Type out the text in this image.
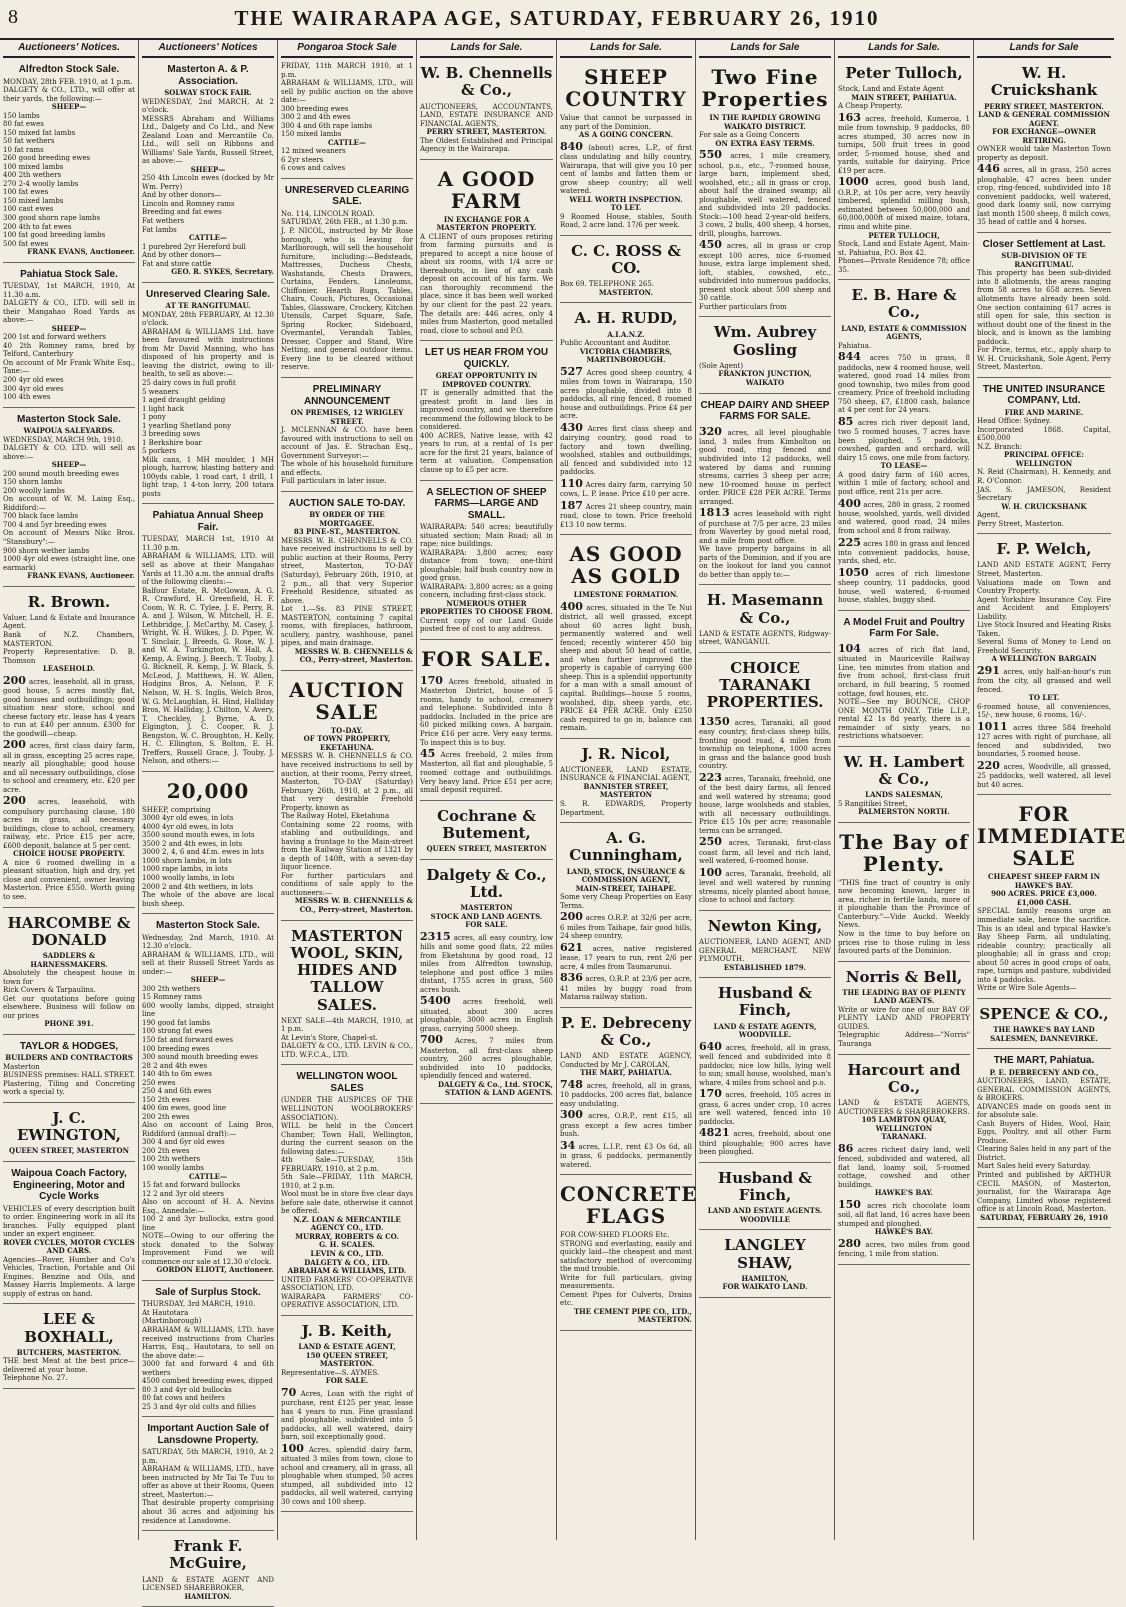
8	THE WAIRARAPA AGE, SATURDAY, FEBRUARY 26, 1910
Auctioneers' Notices.
Alfredton Stock Sale.
MONDAY, 28th FEB. 1910, at 1 p.m.
DALGETY & CO., LTD., will offer at their yards, the following:—
SHEEP—
150 lambs
80 fat ewes
150 mixed fat lambs
50 fat wethers
10 fat rams
260 good breeding ewes
100 mixed lambs
400 2th wethers
270 2-4 woolly lambs
100 fat ewes
150 mixed lambs
100 cast ewes
300 good shorn rape lambs
200 4th to fat ewes
100 fat good breeding lambs
500 fat ewes
FRANK EVANS, Auctioneer.
Pahiatua Stock Sale.
TUESDAY, 1st MARCH, 1910, At 11.30 a.m.
DALGETY & CO., LTD. will sell in their Mangahao Road Yards as above:—
SHEEP—
200 1st and forward wethers
40 2th Romney rams, bred by Telford, Canterbury
On account of Mr Frank White Esq., Tane:—
200 4yr old ewes
300 4yr old ewes
100 4th ewes
Masterton Stock Sale.
WAIPOUA SALEYARDS.
WEDNESDAY, MARCH 9th, 1910.
DALGETY & CO. LTD. will sell as above:—
SHEEP—
200 sound mouth breeding ewes
150 shorn lambs
200 woolly lambs
On account of W. M. Laing Esq., Riddiford:—
700 black face lambs
700 4 and 5yr breeding ewes
On account of Messrs Nikc Bros. "Stansbury":—
900 shorn wether lambs
1000 4yr old ewes (straight line, one earmark)
FRANK EVANS, Auctioneer.
R. Brown.
Valuer, Land & Estate and Insurance Agent.
Bank of N.Z. Chambers, MASTERTON.
Property Representative: D. B. Thomson
LEASEHOLD.
200 acres, leasehold, all in grass, good house, 5 acres mostly flat, good houses and outbuildings; good situation near store, school and cheese factory etc. lease has 4 years to run at £40 per annum. £300 for the goodwill—cheap.
200 acres, first class dairy farm, all in grass, excepting 25 acres rape, nearly all ploughable; good house and all necessary outbuildings, close to school and creamery, etc. £20 per acre.
200 acres, leasehold, with compulsory purchasing clause, 180 acres in grass, all necessary buildings, close to school, creamery, railway, etc. Price £15 per acre, £600 deposit, balance at 5 per cent.
CHOICE HOUSE PROPERTY.
A nice 6 roomed dwelling in a pleasant situation, high and dry, yet close and convenient, owner leaving Masterton. Price £550. Worth going to see.
HARCOMBE & DONALD
SADDLERS & HARNESSMAKERS.
Absolutely the cheapest house in town for
Rick Covers & Tarpaulins.
Get our quotations before going elsewhere. Business will follow on our prices
PHONE 391.
TAYLOR & HODGES,
BUILDERS AND CONTRACTORS
Masterton
BUSINESS premises: HALL STREET. Plastering, Tiling and Concreting work a special ty.
J. C. EWINGTON,
QUEEN STREET, MASTERTON
Waipoua Coach Factory, Engineering, Motor and Cycle Works
VEHICLES of every description built to order. Engineering work in all its branches. Fully equipped plant under an expert engineer.
ROVER CYCLES, MOTOR CYCLES AND CARS.
Agencies—Rover, Humber and Co's Vehicles, Traction, Portable and Oil Engines. Benzine and Oils, and Massey Harris Implements. A large supply of extras on hand.
LEE & BOXHALL,
BUTCHERS, MASTERTON.
THE best Meat at the best price—delivered at your home.
Telephone No. 27.
Auctioneers' Notices
Masterton A. & P. Association.
SOLWAY STOCK FAIR.
WEDNESDAY, 2nd MARCH, At 2 o'clock.
MESSRS Abraham and Williams Ltd., Dalgety and Co Ltd., and New Zealand Loan and Mercantile Co. Ltd., will sell on Ribbons and Williams' Sale Yards, Russell Street, as above:—
SHEEP—
250 4th Lincoln ewes (docked by Mr Wm. Perry)
And by other donors—
Lincoln and Romney rams
Breeding and fat ewes
Fat wethers
Fat lambs
CATTLE—
1 purebred 2yr Hereford bull
And by other donors—
Fat and store cattle
GEO. R. SYKES, Secretary.
Unreserved Clearing Sale.
AT TE RANGITUMAU.
MONDAY, 28th FEBRUARY, At 12.30 o'clock.
ABRAHAM & WILLIAMS Ltd. have been favoured with instructions from Mr David Manning, who has disposed of his property and is leaving the district, owing to ill-health, to sell as above:—
25 dairy cows in full profit
5 weaners
1 aged draught gelding
1 light hack
1 pony
1 yearling Shetland pony
3 breeding sows
1 Berkshire boar
5 porkers
Milk cans, 1 MH moulder, 1 MH plough, harrow, blasting battery and 100yds cable, 1 road cart, 1 drill, 1 light trap, 1 4-ton lorry, 200 totara posts
Pahiatua Annual Sheep Fair.
TUESDAY, MARCH 1st, 1910 At 11.30 p.m.
ABRAHAM & WILLIAMS, LTD. will sell as above at their Mangahao Yards at 11.30 a.m. the annual drafts of the following clients:—
Balfour Estate, R. McGowan, A. G. R. Crawford, H. Greenfield, H. F. Coom, W. R. C. Tylee, J. E. Perry, R. A. and J. Wilson, W. Mitchell, H. E. Lethbridge, J. McCarthy, M. Casey, J. Wright, W. H. Wilkes, J. D. Piper, W. T. Sinclair, J. Breeds, G. Rose, W. J. and W. A. Turkington, W. Hall, A. Kemp, A. Ewing, J. Beech, T. Tooby, J. G. Bicknell, R. Kemp, J. W. Black, S. McLeod, J. Matthews, H. W. Allen, Hodgins Bros, A. Nelson, P. F. Nelson, W. H. S. Inglis, Welch Bros, W. G. McLaughlan, H. Hind, Halliday Bros, W. Halliday, J. Chilton, V. Avery, T. Checkley, J. Byrne, A. D. Elgington, J. C. Cooper, R. J. Bengston, W. C. Broughton, H. Kelly, H. C. Ellington, S. Bolton, E. H. Treffers, Russell Grace, J. Touby, J. Nelson, and others:—
20,000
SHEEP, comprising
3000 4yr old ewes, in lots
4000 4yr old ewes, in lots
3500 sound mouth ewes, in lots
3500 2 and 4th ewes, in lots
3000 2, 4, 6 and 4f.m. ewes in lots
1000 shorn lambs, in lots
1000 rape lambs, in lots
1000 woolly lambs, in lots
2000 2 and 4th wethers, in lots
The whole of the above are local bush sheep.
Masterton Stock Sale.
Wednesday, 2nd March, 1910. At 12.30 o'clock.
ABRAHAM & WILLIAMS, LTD., will sell at their Russell Street Yards as under:—
SHEEP—
300 2th wethers
15 Romney rams
600 woolly lambs, dipped, straight line
190 good fat lambs
100 strong fat ewes
150 fat and forward ewes
100 breeding ewes
300 sound mouth breeding ewes
28 2 and 4th ewes
140 4th to 6m ewes
250 ewes
250 4 and 6th ewes
150 2th ewes
400 6m ewes, good line
200 2th ewes
Also on account of Laing Bros, Riddiford (annual draft):—
300 4 and 6yr old ewes
200 2th ewes
100 2th wethers
100 woolly lambs
CATTLE—
15 fat and forward bullocks
12 2 and 3yr old steers
Also on account of H. A. Nevins Esq., Annedale:—
100 2 and 3yr bullocks, extra good line
NOTE—Owing to our offering the stock donated to the Solway Improvement Fund we will commence our sale at 12.30 o'clock.
GORDON ELIOTT, Auctioneer.
Sale of Surplus Stock.
THURSDAY, 3rd MARCH, 1910.
At Hautotara
(Martinborough)
ABRAHAM & WILLIAMS, LTD. have received instructions from Charles Harris, Esq., Hautotara, to sell on the above date:—
3000 fat and forward 4 and 6th wethers
4500 combed breeding ewes, dipped
80 3 and 4yr old bullocks
80 fat cows and heifers
25 3 and 4yr old colts and fillies
Important Auction Sale of Lansdowne Property.
SATURDAY, 5th MARCH, 1910, At 2 p.m.
ABRAHAM & WILLIAMS, LTD., have been instructed by Mr Tai Te Tuu to offer as above at their Rooms, Queen street, Masterton:—
That desirable property comprising about 36 acres and adjoining his residence at Lansdowne.
Frank F. McGuire,
LAND & ESTATE AGENT AND LICENSED SHAREBROKER,
HAMILTON.
Pongaroa Stock Sale
FRIDAY, 11th MARCH 1910, at 1 p.m.
ABRAHAM & WILLIAMS, LTD., will sell by public auction on the above date:—
300 breeding ewes
300 2 and 4th ewes
300 4 and 6th rape lambs
150 mixed lambs
CATTLE—
12 mixed weaners
6 2yr steers
6 cows and calves
UNRESERVED CLEARING SALE.
No. 114, LINCOLN ROAD.
SATURDAY, 26th FEB., at 1.30 p.m.
J. P. NICOL, instructed by Mr Rose borough, who is leaving for Marlborough, will sell the household furniture, including:—Bedsteads, Mattresses, Duchess Chests, Washstands, Chests Drawers, Curtains, Fenders, Linoleums, Chiffonier, Hearth Rugs, Tables, Chairs, Couch, Pictures, Occasional Tables, Glassware, Crockery, Kitchen Utensils, Carpet Square, Safe, Spring Rocker, Sideboard, Overmantel, Verandah Tables, Dresser, Copper and Stand, Wire Netting, and general outdoor items. Every line to be cleared without reserve.
PRELIMINARY ANNOUNCEMENT
ON PREMISES, 12 WRIGLEY STREET.
J. MCLENNAN & CO. have been favoured with instructions to sell on account of Jas. E. Strachan Esq., Government Surveyor:—
The whole of his household furniture and effects.
Full particulars in later issue.
AUCTION SALE TO-DAY.
BY ORDER OF THE MORTGAGEE.
83 PINE-ST., MASTERTON.
MESSRS W. B. CHENNELLS & CO. have received instructions to sell by public auction at their Rooms, Perry street, Masterton, TO-DAY (Saturday), February 26th, 1910, at 2 p.m., all that very Superior Freehold Residence, situated as above.
Lot 1.—Ss. 83 PINE STREET, MASTERTON, containing 7 capital rooms, with fireplaces, bathroom, scullery, pantry, washhouse, panel pipes, and main drainage.
MESSRS W. B. CHENNELLS & CO., Perry-street, Masterton.
AUCTION SALE
TO-DAY.
OF TOWN PROPERTY, EKETAHUNA.
MESSRS W. B. CHENNELLS & CO. have received instructions to sell by auction, at their rooms, Perry street, Masterton, TO-DAY (Saturday) February 26th, 1910, at 2 p.m., all that very desirable Freehold Property, known as
The Railway Hotel, Eketahuna
Containing some 22 rooms, with stabling and outbuildings, and having a frontage to the Main-street from the Railway Station of 1321 by a depth of 140ft, with a seven-day liquor licence.
For further particulars and conditions of sale apply to the auctioneers:—
MESSRS W. B. CHENNELLS & CO., Perry-street, Masterton.
MASTERTON WOOL, SKIN, HIDES AND TALLOW SALES.
NEXT SALE—4th MARCH, 1910, at 1 p.m.
At Levin's Store, Chapel-st.
DALGETY & CO., LTD. LEVIN & CO., LTD. W.F.C.A., LTD.
WELLINGTON WOOL SALES
(UNDER THE AUSPICES OF THE WELLINGTON WOOLBROKERS' ASSOCIATION).
WILL be held in the Concert Chamber, Town Hall, Wellington, during the current season on the following dates:—
4th Sale—TUESDAY, 15th FEBRUARY, 1910, at 2 p.m.
5th Sale—FRIDAY, 11th MARCH, 1910, at 2 p.m.
Wool must be in store five clear days before sale date, otherwise it cannot be offered.
N.Z. LOAN & MERCANTILE AGENCY CO., LTD.
MURRAY, ROBERTS & CO.
G. H. SCALES.
LEVIN & CO., LTD.
DALGETY & CO., LTD.
ABRAHAM & WILLIAMS, LTD.
UNITED FARMERS' CO-OPERATIVE ASSOCIATION, LTD.
WAIRARAPA FARMERS' CO-OPERATIVE ASSOCIATION, LTD.
J. B. Keith,
LAND & ESTATE AGENT,
150 QUEEN STREET, MASTERTON.
Representative—S. AYMES.
FOR SALE.
70 Acres, Loan with the right of purchase, rent £125 per year, lease has 4 years to run. Fine grassland and ploughable, subdivided into 5 paddocks, all well watered, dairy barn, soil exceptionally good.
100 Acres, splendid dairy farm, situated 3 miles from town, close to school and creamery, all in grass, all ploughable when stumped, 50 acres stumped, all subdivided into 12 paddocks, all well watered, carrying 30 cows and 100 sheep.
Lands for Sale.
W. B. Chennells & Co.,
AUCTIONEERS, ACCOUNTANTS, LAND, ESTATE INSURANCE AND FINANCIAL AGENTS,
PERRY STREET, MASTERTON.
The Oldest Established and Principal Agency in the Wairarapa.
A GOOD FARM
IN EXCHANGE FOR A MASTERTON PROPERTY.
A CLIENT of ours proposes retiring from farming pursuits and is prepared to accept a nice house of about six rooms, with 1/4 acre or thereabouts, in lieu of any cash deposit on account of his farm. We can thoroughly recommend the place, since it has been well worked by our client for the past 22 years. The details are: 446 acres, only 4 miles from Masterton, good metalled road, close to school and P.O.
LET US HEAR FROM YOU QUICKLY.
GREAT OPPORTUNITY IN IMPROVED COUNTRY.
IT is generally admitted that the greatest profit in land lies in improved country, and we therefore recommend the following block to be considered.
400 ACRES, Native lease, with 42 years to run, at a rental of 1s per acre for the first 21 years, balance of term at valuation. Compensation clause up to £5 per acre.
A SELECTION OF SHEEP FARMS—LARGE AND SMALL.
WAIRARAPA: 540 acres; beautifully situated section; Main Road; all in rape; nice buildings.
WAIRARAPA: 3,800 acres; easy distance from town; one-third ploughable; half bush country now in good grass.
WAIRARAPA: 3,800 acres; as a going concern, including first-class stock.
NUMEROUS OTHER PROPERTIES TO CHOOSE FROM.
Current copy of our Land Guide posted free of cost to any address.
FOR SALE.
170 Acres freehold, situated in Masterton District, house of 5 rooms, handy to school, creamery and telephone. Subdivided into 8 paddocks. Included in the price are 60 picked milking cows. A bargain. Price £16 per acre. Very easy terms. To inspect this is to buy.
45 Acres freehold, 2 miles from Masterton, all flat and ploughable, 5 roomed cottage and outbuildings. Very heavy land. Price £51 per acre; small deposit required.
Cochrane & Butement,
QUEEN STREET, MASTERTON
Dalgety & Co., Ltd.
MASTERTON
STOCK AND LAND AGENTS.
FOR SALE.
2315 acres, all easy country, low hills and some good flats, 22 miles from Eketahuna by good road, 12 miles from Alfredton township, telephone and post office 3 miles distant, 1755 acres in grass, 560 acres bush.
5400 acres freehold, well situated, about 300 acres ploughable, 3000 acres in English grass, carrying 5000 sheep.
700 Acres, 7 miles from Masterton, all first-class sheep country, 260 acres ploughable, subdivided into 10 paddocks, splendidly fenced and watered.
DALGETY & Co., Ltd. STOCK, STATION & LAND AGENTS.
Lands for Sale.
SHEEP COUNTRY
Value that cannot be surpassed in any part of the Dominion.
AS A GOING CONCERN.
840 (about) acres, L.P., of first class undulating and hilly country, Wairarapa, that will give you 10 per cent of lambs and fatten them or grow sheep country; all well watered.
WELL WORTH INSPECTION.
TO LET.
9 Roomed House, stables, South Road, 2 acre land. 17/6 per week.
C. C. ROSS & CO.
Box 69. TELEPHONE 265.
MASTERTON.
A. H. RUDD,
A.I.A.N.Z.
Public Accountant and Auditor.
VICTORIA CHAMBERS, MARTINBOROUGH.
527 Acres good sheep country, 4 miles from town in Wairarapa, 150 acres ploughable, divided into 8 paddocks, all ring fenced, 8 roomed house and outbuildings. Price £4 per acre.
430 Acres first class sheep and dairying country, good road to factory and town dwelling, woolshed, stables and outbuildings, all fenced and subdivided into 12 paddocks.
110 Acres dairy farm, carrying 50 cows, L. P. lease. Price £10 per acre.
187 Acres 21 sheep country, main road, close to town. Price freehold £13 10 now terms.
AS GOOD AS GOLD
LIMESTONE FORMATION.
400 acres, situated in the Te Nui district, all well grassed, except about 60 acres light bush, permanently watered and well fenced; recently winterer 450 big sheep and about 50 head of cattle, and when further improved the property is capable of carrying 600 sheep. This is a splendid opportunity for a man with a small amount of capital. Buildings—house 5 rooms, woolshed, dip, sheep yards, etc. PRICE £4 PER ACRE. Only £250 cash required to go in, balance can remain.
J. R. Nicol,
AUCTIONEER, LAND ESTATE, INSURANCE & FINANCIAL AGENT,
BANNISTER STREET, MASTERTON
S. R. EDWARDS, Property Department.
A. G. Cunningham,
LAND, STOCK, INSURANCE & COMMISSION AGENT,
MAIN-STREET, TAIHAPE.
Some very Cheap Properties on Easy Terms.
200 acres O.R.P. at 32/6 per acre, 6 miles from Taihape, fair good hills, 24 sheep country.
621 acres, native registered lease, 17 years to run, rent 2/6 per acre, 4 miles from Taumarunui.
836 acres, O.R.P. at 23/6 per acre, 41 miles by buggy road from Mataroa railway station.
P. E. Debreceny & Co.,
LAND AND ESTATE AGENCY, Conducted by Mr J. CAROLAN,
THE MART, PAHIATUA.
748 acres, freehold, all in grass, 10 paddocks, 200 acres flat, balance easy undulating.
300 acres, O.R.P., rent £15, all grass except a few acres timber bush.
34 acres, L.I.P., rent £3 Os 6d, all in grass, 6 paddocks, permanently watered.
CONCRETE FLAGS
FOR COW-SHED FLOORS Etc.
STRONG and everlasting, easily and quickly laid—the cheapest and most satisfactory method of overcoming the mud trouble.
Write for full particulars, giving measurements.
Cement Pipes for Culverts, Drains etc.
THE CEMENT PIPE CO., LTD., MASTERTON.
Lands for Sale
Two Fine Properties
IN THE RAPIDLY GROWING WAIKATO DISTRICT.
For sale as a Going Concern
ON EXTRA EASY TERMS.
550 acres, 1 mile creamery, school, p.o., etc., 7-roomed house, large barn, implement shed, woolshed, etc.; all in grass or crop, about half the drained swamp; all ploughable, well watered, fenced and subdivided into 20 paddocks. Stock:—100 head 2-year-old heifers, 3 cows, 2 bulls, 400 sheep, 4 horses, drill, ploughs, harrows.
450 acres, all in grass or crop except 100 acres, nice 6-roomed house, extra large implement shed, loft, stables, cowshed, etc., subdivided into numerous paddocks, present stock about 500 sheep and 30 cattle.
Further particulars from
Wm. Aubrey Gosling
(Sole Agent)
FRANKTON JUNCTION, WAIKATO
CHEAP DAIRY AND SHEEP FARMS FOR SALE.
320 acres, all level ploughable land, 3 miles from Kimbolton on good road, ring fenced and subdivided into 12 paddocks, well watered by dams and running streams, carries 3 sheep per acre; new 10-roomed house in perfect order. PRICE £28 PER ACRE. Terms arranged.
1813 acres leasehold with right of purchase at 7/5 per acre, 23 miles from Waverley by good metal road, and a mile from post office.
We have property bargains in all parts of the Dominion, and if you are on the lookout for land you cannot do better than apply to:—
H. Masemann & Co.,
LAND & ESTATE AGENTS, Ridgway-street, WANGANUI.
CHOICE TARANAKI PROPERTIES.
1350 acres, Taranaki, all good easy country, first-class sheep hills, fronting good road, 4 miles from township on telephone, 1000 acres in grass and the balance good bush country.
223 acres, Taranaki, freehold, one of the best dairy farms, all fenced and well watered by streams; good house, large woolsheds and stables, with all necessary outbuildings. Price £15 10s per acre; reasonable terms can be arranged.
250 acres, Taranaki, first-class coast farm, all level and rich land, well watered, 6-roomed house.
100 acres, Taranaki, freehold, all level and well watered by running streams, nicely planted about house, close to school and factory.
Newton King,
AUCTIONEER, LAND AGENT, AND GENERAL MERCHANT, NEW PLYMOUTH.
ESTABLISHED 1879.
Husband & Finch,
LAND & ESTATE AGENTS, WOODVILLE.
640 acres, freehold, all in grass, well fenced and subdivided into 8 paddocks; nice low hills, lying well to sun; small house, woolshed, man's whare, 4 miles from school and p.o.
170 acres, freehold, 105 acres in grass, 6 acres under crop, 10 acres are well watered, fenced into 10 paddocks.
4821 acres, freehold, about one third ploughable; 900 acres have been ploughed.
Husband & Finch,
LAND AND ESTATE AGENTS. WOODVILLE
LANGLEY SHAW,
HAMILTON,
FOR WAIKATO LAND.
Lands for Sale.
Peter Tulloch,
Stock, Land and Estate Agent
MAIN STREET, PAHIATUA.
A Cheap Property.
163 acres, freehold, Kumeroa, 1 mile from township, 9 paddocks, 80 acres stumped, 30 acres now in turnips, 500 fruit trees in good order, 5-roomed house, shed and yards, suitable for dairying. Price £19 per acre.
1000 acres, good bush land, O.R.P., at 10s per acre, very heavily timbered, splendid milling bush, estimated between 50,000,000 and 60,000,000ft of mixed maize, totara, rimu and white pine.
PETER TULLOCH,
Stock, Land and Estate Agent, Main-st. Pahiatua, P.O. Box 42.
Phones—Private Residence 78; office 35.
E. B. Hare & Co.,
LAND, ESTATE & COMMISSION AGENTS,
Pahiatua.
844 acres 750 in grass, 8 paddocks, new 4 roomed house, well watered, good road 14 miles from good township, two miles from good creamery. Price of freehold including 750 sheep, £7, £1800 cash, balance at 4 per cent for 24 years.
85 acres rich river deposit land, two 5 roomed houses, 7 acres have been ploughed, 5 paddocks, cowshed, garden and orchard, will dairy 15 cows, one mile from factory.
TO LEASE—
A good dairy farm of 160 acres, within 1 mile of factory, school and post office, rent 21s per acre.
400 acres, 280 in grass, 2 roomed house, woolshed, yards, well divided and watered, good road, 24 miles from school and 8 from railway.
225 acres 180 in grass and fenced into convenient paddocks, house, yards, shed, etc.
1050 acres of rich limestone sheep country, 11 paddocks, good house, well watered, 6-roomed house, stables, buggy shed.
A Model Fruit and Poultry Farm For Sale.
104 acres of rich flat land, situated in Mauriceville Railway Line, ten minutes from station and five from school, first-class fruit orchard, in full bearing, 5 roomed cottage, fowl houses, etc.
NOTE—See my BOUNCE, CHOP ONE MONTH ONLY. Title L.I.P., rental £2 1s 8d yearly, there is a remainder of sixty years, no restrictions whatsoever.
W. H. Lambert & Co.,
LANDS SALESMAN,
5 Rangitikei Street,
PALMERSTON NORTH.
The Bay of Plenty.
"THIS fine tract of country is only now becoming known, larger in area, richer in fertile lands, more of it ploughable than the Province of Canterbury."—Vide Auckd. Weekly News.
Now is the time to buy before on prices rise to those ruling in less favoured parts of the Dominion.
Norris & Bell,
THE LEADING BAY OF PLENTY LAND AGENTS.
Write or wire for one of our BAY OF PLENTY LAND AND PROPERTY GUIDES.
Telegraphic Address—"Norris" Tauranga
Harcourt and Co.,
LAND & ESTATE AGENTS, AUCTIONEERS & SHAREBROKERS.
105 LAMBTON QUAY, WELLINGTON
TARANAKI.
86 acres richest dairy land, well fenced, subdivided and watered, all flat land, loamy soil, 5-roomed cottage, cowshed and other buildings.
HAWKE'S BAY.
150 acres rich chocolate loam soil, all flat land, 16 acres have been stumped and ploughed.
HAWKE'S BAY.
280 acres, two miles from good fencing, 1 mile from station.
Lands for Sale
W. H. Cruickshank
PERRY STREET, MASTERTON.
LAND & GENERAL COMMISSION AGENT.
FOR EXCHANGE—OWNER RETIRING.
OWNER would take Masterton Town property as deposit.
446 acres, all in grass, 250 acres ploughable, 47 acres been under crop, ring-fenced, subdivided into 18 convenient paddocks, well watered, good dark loamy soil, now carrying last month 1500 sheep, 8 milch cows, 35 head of cattle and 4 horses.
Closer Settlement at Last.
SUB-DIVISION OF TE RANGITUMAU.
This property has been sub-divided into 8 allotments, the areas ranging from 58 acres to 658 acres. Seven allotments have already been sold. One section containing 617 acres is still open for sale, this section is without doubt one of the finest in the block, and is known as the lambing paddock.
For Price, terms, etc., apply sharp to W. H. Cruickshank, Sole Agent, Perry Street, Masterton.
THE UNITED INSURANCE COMPANY, Ltd.
FIRE AND MARINE.
Head Office: Sydney.
Incorporated 1868. Capital, £500,000
N.Z. Branch:
PRINCIPAL OFFICE: WELLINGTON
N. Reid (Chairman), H. Kennedy, and R. O'Connor.
JAS. S. JAMESON, Resident Secretary
W. H. CRUICKSHANK
Agent,
Perry Street, Masterton.
F. P. Welch,
LAND AND ESTATE AGENT, Ferry Street, Masterton.
Valuations made on Town and Country Property.
Agent Yorkshire Insurance Coy. Fire and Accident and Employers' Liability.
Live Stock Insured and Heating Risks Taken.
Several Sums of Money to Lend on Freehold Security.
A WELLINGTON BARGAIN
291 acres, only half-an-hour's run from the city, all grassed and well fenced.
TO LET.
6-roomed house, all conveniences, 15/-, new house, 6 rooms, 16/-.
1011 acres three 584 freehold 127 acres with right of purchase, all fenced and subdivided, two boundaries, 5 roomed house.
220 acres, Woodville, all grassed, 25 paddocks, well watered, all level but 40 acres.
FOR IMMEDIATE SALE
CHEAPEST SHEEP FARM IN HAWKE'S BAY.
900 ACRES. PRICE £3,000. £1,000 CASH.
SPECIAL family reasons urge an immediate sale, hence the sacrifice. This is an ideal and typical Hawke's Bay Sheep Farm, all undulating, rideable country; practically all ploughable; all in grass and crop; about 50 acres in good crops of oats, rape, turnips and pasture, subdivided into 4 paddocks.
Write or Wire Sole Agents—
SPENCE & CO.,
THE HAWKE'S BAY LAND SALESMEN, DANNEVIRKE.
THE MART, Pahiatua.
P. E. DEBRECENY AND CO.,
AUCTIONEERS, LAND, ESTATE, GENERAL COMMISSION AGENTS, & BROKERS.
ADVANCES made on goods sent in for absolute sale.
Cash Buyers of Hides, Wool, Hair, Eggs, Poultry, and all other Farm Produce.
Clearing Sales held in any part of the District.
Mart Sales held every Saturday.
Printed and published by ARTHUR CECIL MASON, of Masterton, journalist, for the Wairarapa Age Company, Limited whose registered office is at Lincoln Road, Masterton.
SATURDAY, FEBRUARY 26, 1910
